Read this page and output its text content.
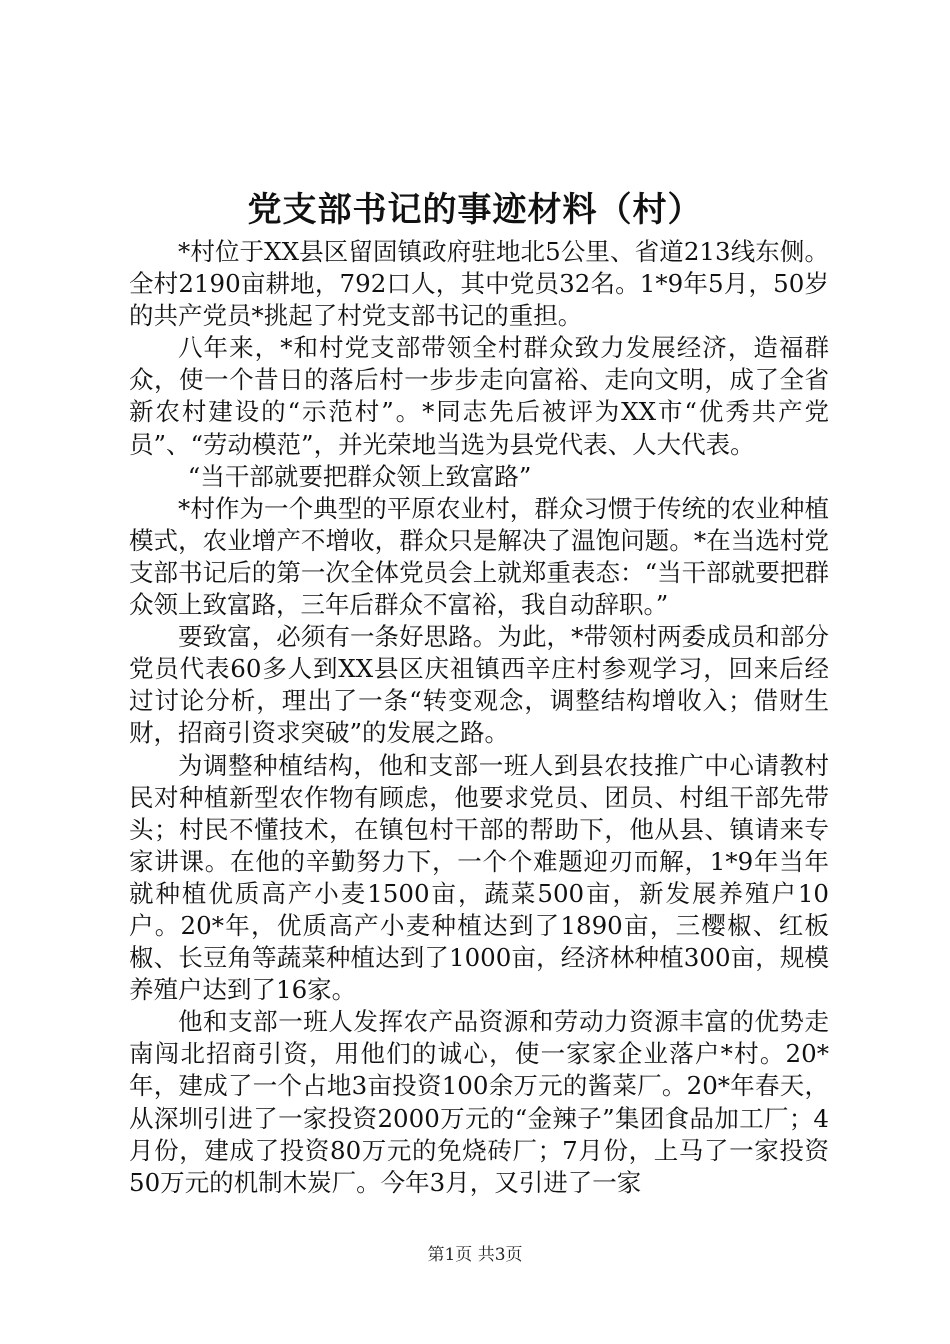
党支部书记的事迹材料（村）

*村位于XX县区留固镇政府驻地北5公里、省道213线东侧。全村2190亩耕地，792口人，其中党员32名。1*9年5月，50岁的共产党员*挑起了村党支部书记的重担。

八年来，*和村党支部带领全村群众致力发展经济，造福群众，使一个昔日的落后村一步步走向富裕、走向文明，成了全省新农村建设的“示范村”。*同志先后被评为XX市“优秀共产党员”、“劳动模范”，并光荣地当选为县党代表、人大代表。

“当干部就要把群众领上致富路”

*村作为一个典型的平原农业村，群众习惯于传统的农业种植模式，农业增产不增收，群众只是解决了温饱问题。*在当选村党支部书记后的第一次全体党员会上就郑重表态：“当干部就要把群众领上致富路，三年后群众不富裕，我自动辞职。”

要致富，必须有一条好思路。为此，*带领村两委成员和部分党员代表60多人到XX县区庆祖镇西辛庄村参观学习，回来后经过讨论分析，理出了一条“转变观念，调整结构增收入；借财生财，招商引资求突破”的发展之路。

为调整种植结构，他和支部一班人到县农技推广中心请教村民对种植新型农作物有顾虑，他要求党员、团员、村组干部先带头；村民不懂技术，在镇包村干部的帮助下，他从县、镇请来专家讲课。在他的辛勤努力下，一个个难题迎刃而解，1*9年当年就种植优质高产小麦1500亩，蔬菜500亩，新发展养殖户10户。20*年，优质高产小麦种植达到了1890亩，三樱椒、红板椒、长豆角等蔬菜种植达到了1000亩，经济林种植300亩，规模养殖户达到了16家。

他和支部一班人发挥农产品资源和劳动力资源丰富的优势走南闯北招商引资，用他们的诚心，使一家家企业落户*村。20*年，建成了一个占地3亩投资100余万元的酱菜厂。20*年春天，从深圳引进了一家投资2000万元的“金辣子”集团食品加工厂；4月份，建成了投资80万元的免烧砖厂；7月份，上马了一家投资50万元的机制木炭厂。今年3月，又引进了一家

第1页 共3页
